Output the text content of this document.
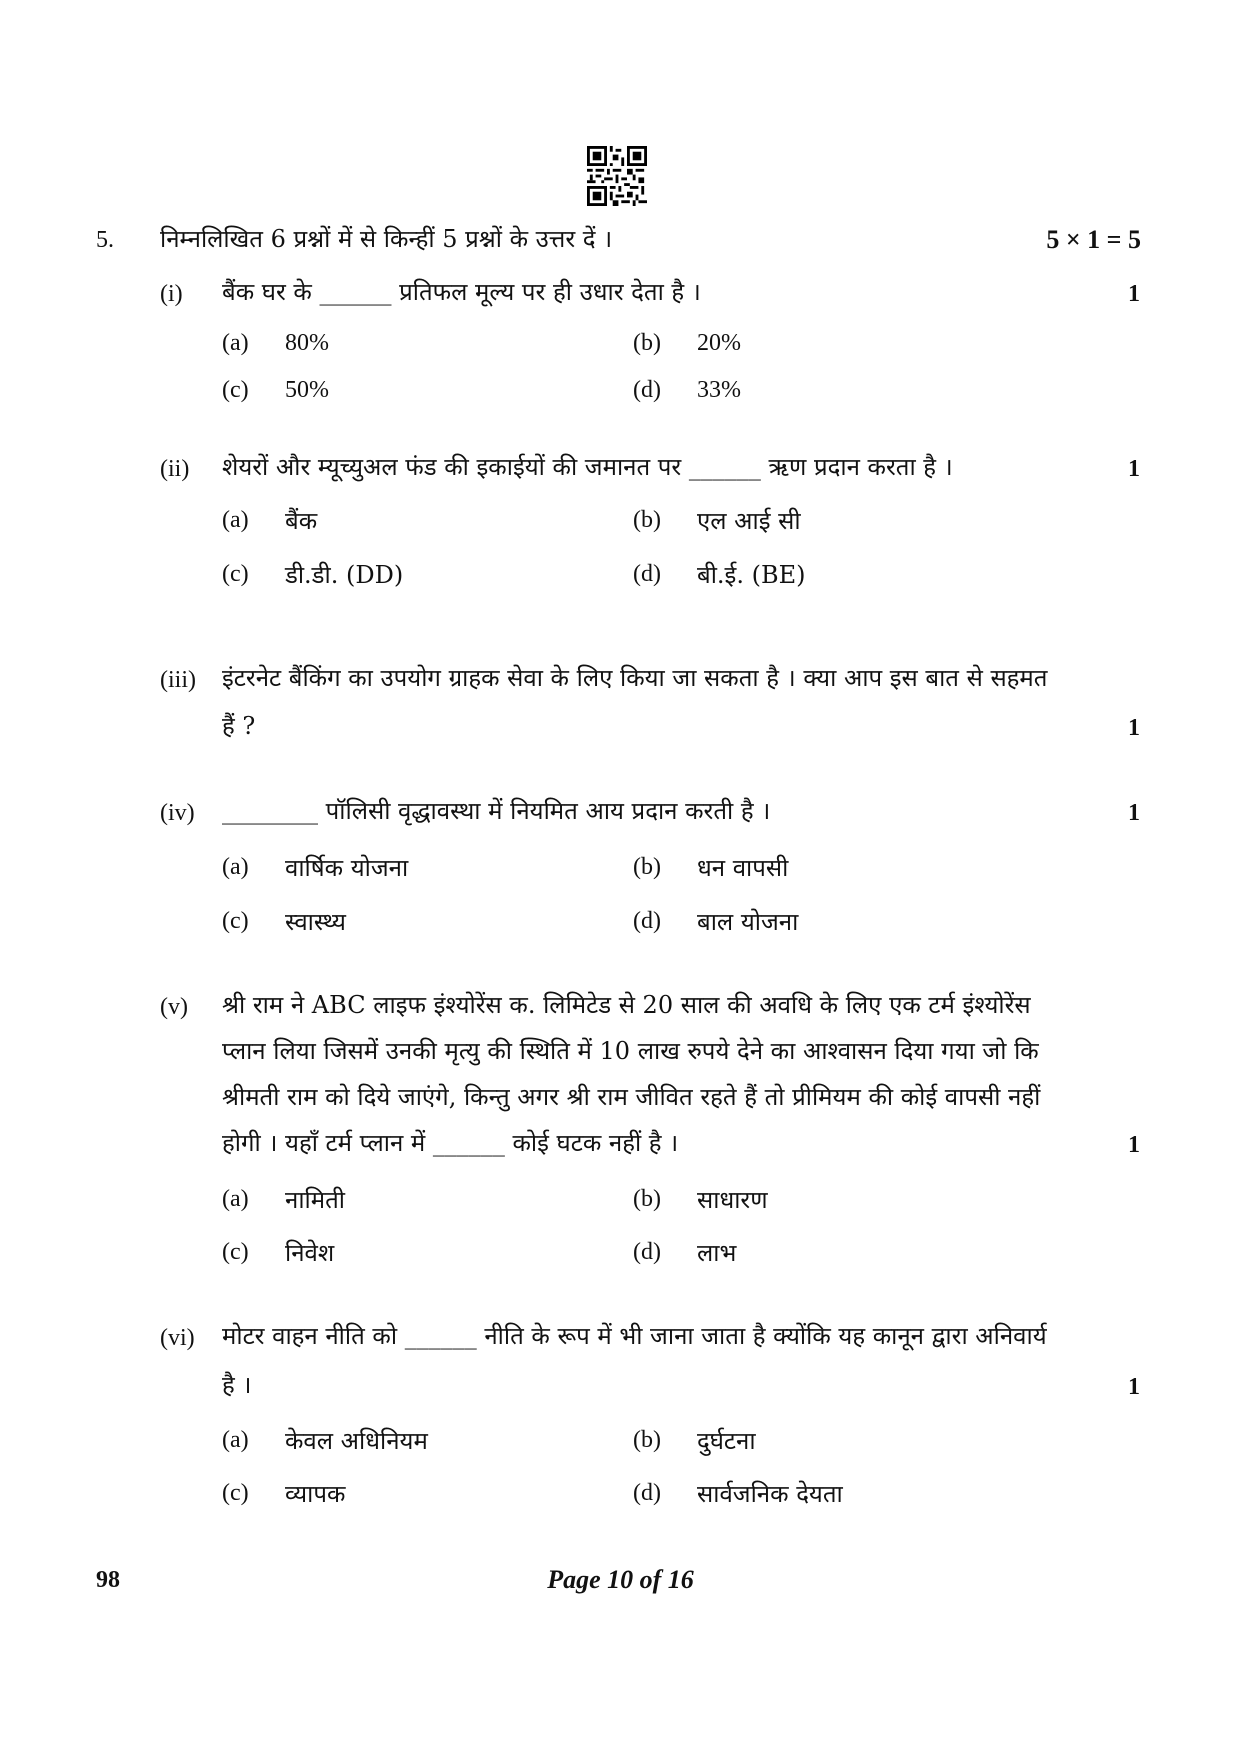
5. निम्नलिखित 6 प्रश्नों में से किन्हीं 5 प्रश्नों के उत्तर दें ।	5 × 1 = 5
(i) बैंक घर के ______ प्रतिफल मूल्य पर ही उधार देता है ।	1
(a) 80%	(b) 20%
(c) 50%	(d) 33%
(ii) शेयरों और म्यूच्युअल फंड की इकाईयों की जमानत पर ______ ऋण प्रदान करता है ।	1
(a) बैंक	(b) एल आई सी
(c) डी.डी. (DD)	(d) बी.ई. (BE)
(iii) इंटरनेट बैंकिंग का उपयोग ग्राहक सेवा के लिए किया जा सकता है । क्या आप इस बात से सहमत
हैं ?	1
(iv) ________ पॉलिसी वृद्धावस्था में नियमित आय प्रदान करती है ।	1
(a) वार्षिक योजना	(b) धन वापसी
(c) स्वास्थ्य	(d) बाल योजना
(v) श्री राम ने ABC लाइफ इंश्योरेंस क. लिमिटेड से 20 साल की अवधि के लिए एक टर्म इंश्योरेंस
प्लान लिया जिसमें उनकी मृत्यु की स्थिति में 10 लाख रुपये देने का आश्वासन दिया गया जो कि
श्रीमती राम को दिये जाएंगे, किन्तु अगर श्री राम जीवित रहते हैं तो प्रीमियम की कोई वापसी नहीं
होगी । यहाँ टर्म प्लान में ______ कोई घटक नहीं है ।	1
(a) नामिती	(b) साधारण
(c) निवेश	(d) लाभ
(vi) मोटर वाहन नीति को ______ नीति के रूप में भी जाना जाता है क्योंकि यह कानून द्वारा अनिवार्य
है ।	1
(a) केवल अधिनियम	(b) दुर्घटना
(c) व्यापक	(d) सार्वजनिक देयता
98	Page 10 of 16
